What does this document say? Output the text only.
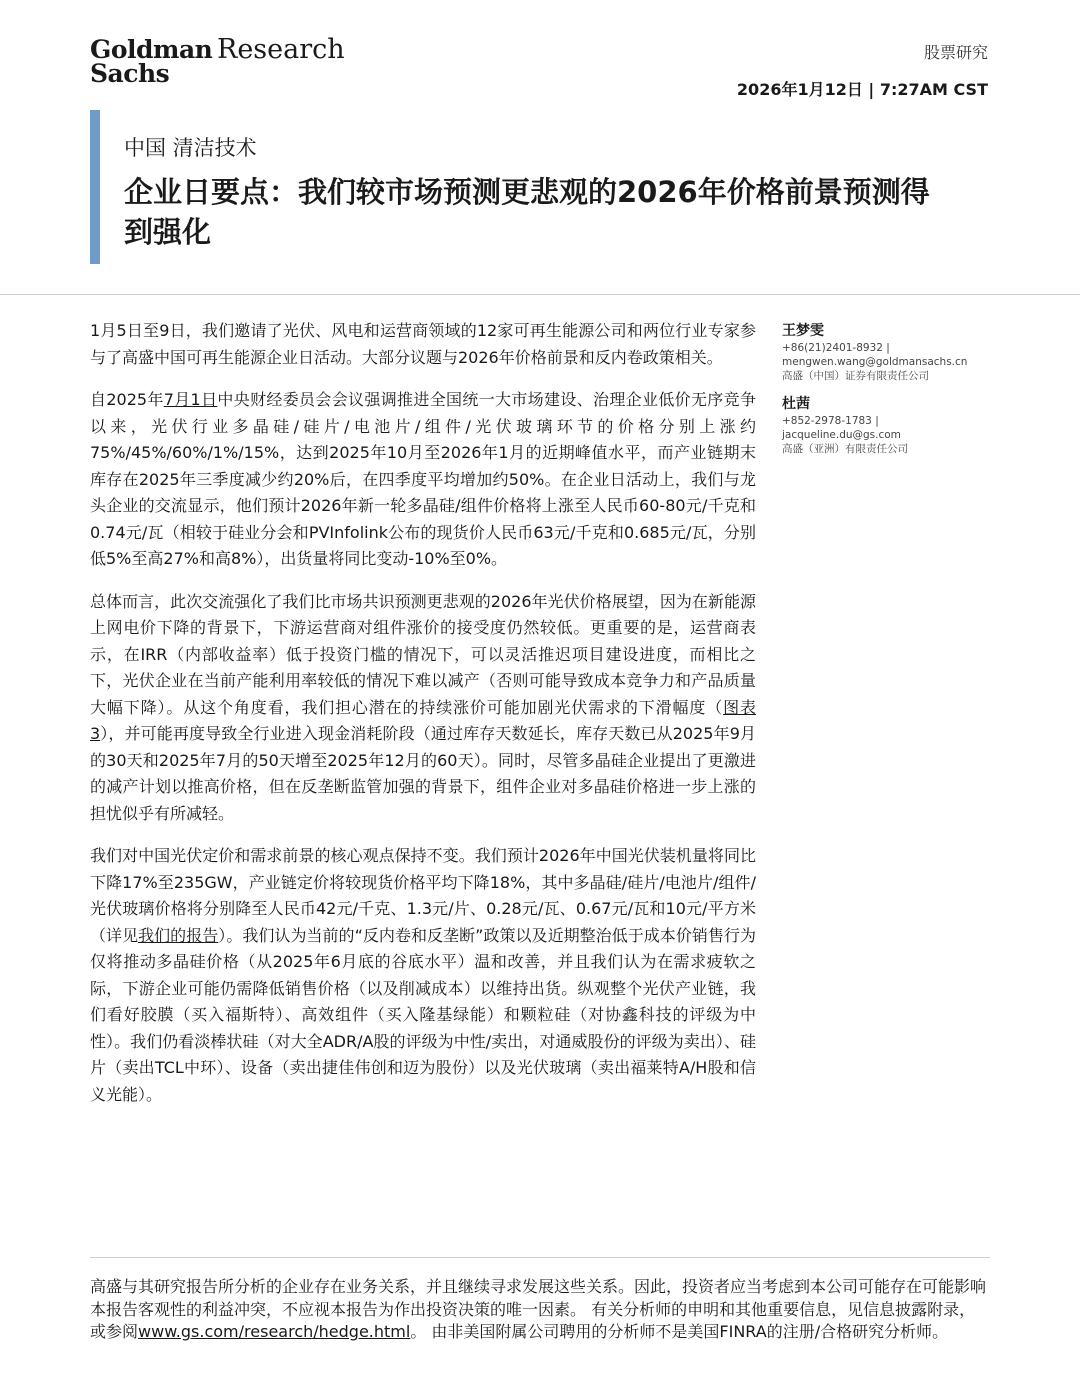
Goldman
Sachs
Research	股票研究
2026年1月12日 | 7:27AM CST
中国 清洁技术
企业日要点：我们较市场预测更悲观的2026年价格前景预测得到强化

1月5日至9日，我们邀请了光伏、风电和运营商领域的12家可再生能源公司和两位行业专家参与了高盛中国可再生能源企业日活动。大部分议题与2026年价格前景和反内卷政策相关。

自2025年7月1日中央财经委员会会议强调推进全国统一大市场建设、治理企业低价无序竞争以来，光伏行业多晶硅/硅片/电池片/组件/光伏玻璃环节的价格分别上涨约75%/45%/60%/1%/15%，达到2025年10月至2026年1月的近期峰值水平，而产业链期末库存在2025年三季度减少约20%后，在四季度平均增加约50%。在企业日活动上，我们与龙头企业的交流显示，他们预计2026年新一轮多晶硅/组件价格将上涨至人民币60-80元/千克和0.74元/瓦（相较于硅业分会和PVInfolink公布的现货价人民币63元/千克和0.685元/瓦，分别低5%至高27%和高8%），出货量将同比变动-10%至0%。

总体而言，此次交流强化了我们比市场共识预测更悲观的2026年光伏价格展望，因为在新能源上网电价下降的背景下，下游运营商对组件涨价的接受度仍然较低。更重要的是，运营商表示，在IRR（内部收益率）低于投资门槛的情况下，可以灵活推迟项目建设进度，而相比之下，光伏企业在当前产能利用率较低的情况下难以减产（否则可能导致成本竞争力和产品质量大幅下降）。从这个角度看，我们担心潜在的持续涨价可能加剧光伏需求的下滑幅度（图表 3），并可能再度导致全行业进入现金消耗阶段（通过库存天数延长，库存天数已从2025年9月的30天和2025年7月的50天增至2025年12月的60天）。同时，尽管多晶硅企业提出了更激进的减产计划以推高价格，但在反垄断监管加强的背景下，组件企业对多晶硅价格进一步上涨的担忧似乎有所减轻。

我们对中国光伏定价和需求前景的核心观点保持不变。我们预计2026年中国光伏装机量将同比下降17%至235GW，产业链定价将较现货价格平均下降18%，其中多晶硅/硅片/电池片/组件/光伏玻璃价格将分别降至人民币42元/千克、1.3元/片、0.28元/瓦、0.67元/瓦和10元/平方米（详见我们的报告）。我们认为当前的“反内卷和反垄断”政策以及近期整治低于成本价销售行为仅将推动多晶硅价格（从2025年6月底的谷底水平）温和改善，并且我们认为在需求疲软之际，下游企业可能仍需降低销售价格（以及削减成本）以维持出货。纵观整个光伏产业链，我们看好胶膜（买入福斯特）、高效组件（买入隆基绿能）和颗粒硅（对协鑫科技的评级为中性）。我们仍看淡棒状硅（对大全ADR/A股的评级为中性/卖出，对通威股份的评级为卖出）、硅片（卖出TCL中环）、设备（卖出捷佳伟创和迈为股份）以及光伏玻璃（卖出福莱特A/H股和信义光能）。

王梦雯
+86(21)2401-8932 |
mengwen.wang@goldmansachs.cn
高盛（中国）证券有限责任公司
杜茜
+852-2978-1783 |
jacqueline.du@gs.com
高盛（亚洲）有限责任公司

高盛与其研究报告所分析的企业存在业务关系，并且继续寻求发展这些关系。因此，投资者应当考虑到本公司可能存在可能影响本报告客观性的利益冲突，不应视本报告为作出投资决策的唯一因素。 有关分析师的申明和其他重要信息，见信息披露附录，或参阅www.gs.com/research/hedge.html。 由非美国附属公司聘用的分析师不是美国FINRA的注册/合格研究分析师。
